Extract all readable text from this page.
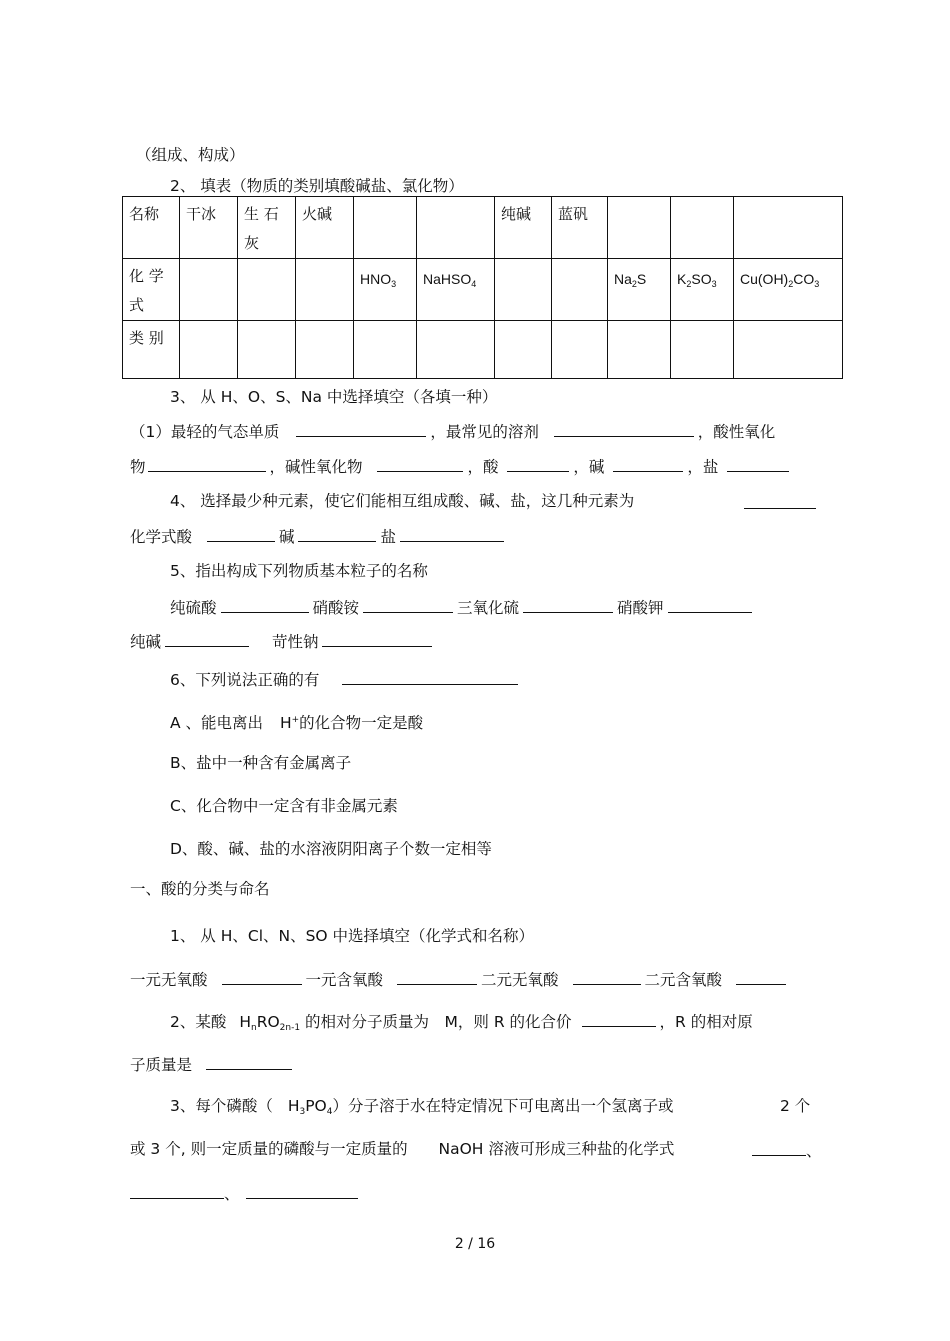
（组成、构成）
2、 填表（物质的类别填酸碱盐、氯化物）
名称	干冰	生 石 灰	火碱			纯碱	蓝矾			
化 学 式				$HNO_3$	NaHSO$_4$			$Na_2S$	$K_2SO_3$	$Cu(OH)_2CO_3$
类 别										
3、 从 H、O、S、Na 中选择填空（各填一种）
（1）最轻的气态单质	，最常见的溶剂	，酸性氧化
物	，碱性氧化物	，酸	，碱	，盐
4、 选择最少种元素，使它们能相互组成酸、碱、盐，这几种元素为
化学式酸	碱	盐
5、指出构成下列物质基本粒子的名称
纯硫酸	硝酸铵	三氧化硫	硝酸钾
纯碱	苛性钠
6、下列说法正确的有
A 、能电离出 H+的化合物一定是酸
B、盐中一种含有金属离子
C、化合物中一定含有非金属元素
D、酸、碱、盐的水溶液阴阳离子个数一定相等
一、酸的分类与命名
1、 从 H、Cl、N、SO 中选择填空（化学式和名称）
一元无氧酸	一元含氧酸	二元无氧酸	二元含氧酸
2、某酸 $H_nRO_{2n-1}$ 的相对分子质量为　M，则 R 的化合价	，R 的相对原
子质量是
3、每个磷酸（ $H_3PO_4$）分子溶于水在特定情况下可电离出一个氢离子或	2 个
或 3 个, 则一定质量的磷酸与一定质量的 NaOH 溶液可形成三种盐的化学式	、
、
2 / 16
